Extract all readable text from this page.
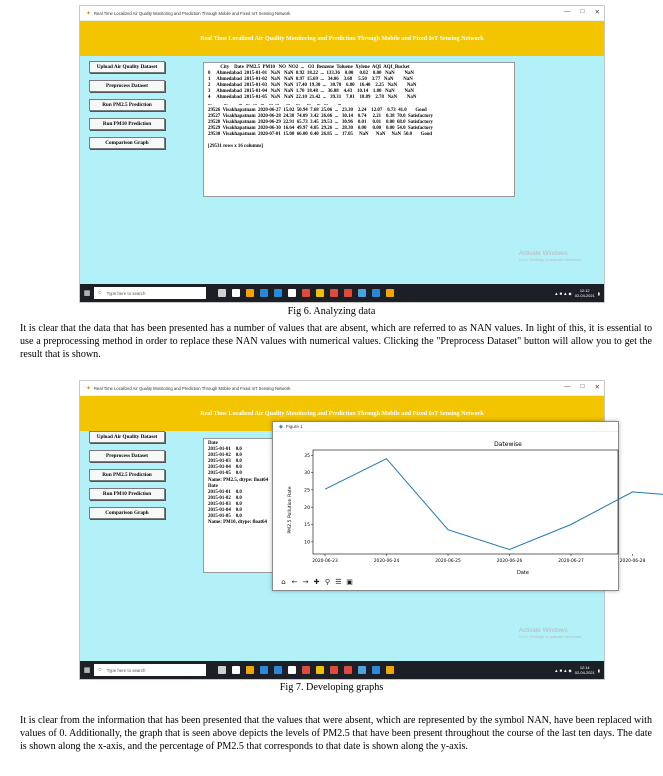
✦ Real Time Localized Air Quality Monitoring and Prediction Through Mobile and Fixed IoT Sensing Network	— □ ✕
Real Time Localized Air Quality Monitoring and Prediction Through Mobile and Fixed IoT Sensing Network
Upload Air Quality Dataset
Preprocess Dataset
Run PM2.5 Prediction
Run PM10 Prediction
Comparison Graph
City    Date  PM2.5  PM10   NO  NO2  ...   O3  Benzene  Toluene  Xylene  AQI  AQI_Bucket
0     Ahmedabad  2015-01-01   NaN   NaN  0.92  18.22  ...  133.36    0.00     0.02    0.00   NaN        NaN
1     Ahmedabad  2015-01-02   NaN   NaN  0.97  15.69  ...   34.06    3.68     5.50    3.77   NaN        NaN
2     Ahmedabad  2015-01-03   NaN   NaN  17.40  19.30  ...   30.70    6.80    16.40    2.25   NaN        NaN
3     Ahmedabad  2015-01-04   NaN   NaN  1.70  18.48  ...   36.08    4.43    10.14    1.00   NaN        NaN
4     Ahmedabad  2015-01-05   NaN   NaN  22.10  21.42  ...   39.31    7.01    18.89    2.78   NaN        NaN
...          ...         ...   ...   ...   ...    ...  ...      ...     ...      ...     ...   ...        ...
29526  Visakhapatnam  2020-06-27  15.02  50.94  7.68  25.06  ...   23.30    2.24    12.07    0.73  41.0       Good
29527  Visakhapatnam  2020-06-28  24.38  74.09  3.42  26.06  ...   30.14    0.74     2.21    0.38  70.0  Satisfactory
29528  Visakhapatnam  2020-06-29  22.91  65.73  3.45  29.53  ...   30.96    0.01     0.01    0.00  68.0  Satisfactory
29529  Visakhapatnam  2020-06-30  16.64  49.97  4.05  29.26  ...   28.30    0.00     0.00    0.00  54.0  Satisfactory
29530  Visakhapatnam  2020-07-01  15.00  66.00  0.40  26.85  ...   17.05     NaN      NaN     NaN  50.0       Good
[29531 rows x 16 columns]
Activate Windows
Go to Settings to activate Windows.
▦	○ Type here to search	▲ ■ ▲ ◆	12:12
02-04-2021 ▮
Fig 6. Analyzing data
It is clear that the data that has been presented has a number of values that are absent, which are referred to as NAN values. In light of this, it is essential to use a preprocessing method in order to replace these NAN values with numerical values. Clicking the "Preprocess Dataset" button will allow you to get the result that is shown.
✦ Real Time Localized Air Quality Monitoring and Prediction Through Mobile and Fixed IoT Sensing Network	— □ ✕
Real Time Localized Air Quality Monitoring and Prediction Through Mobile and Fixed IoT Sensing Network
Upload Air Quality Dataset
Preprocess Dataset
Run PM2.5 Prediction
Run PM10 Prediction
Comparison Graph
Date
2015-01-01    0.0
2015-01-02    0.0
2015-01-03    0.0
2015-01-04    0.0
2015-01-05    0.0
Name: PM2.5, dtype: float64
Date
2015-01-01    0.0
2015-01-02    0.0
2015-01-03    0.0
2015-01-04    0.0
2015-01-05    0.0
Name: PM10, dtype: float64
Activate Windows
Go to Settings to activate Windows.
▦	○ Type here to search	▲ ■ ▲ ◆	12:14
02-04-2021 ▮
◆ Figure 1
Datewise
10
15
20
25
30
35
2020-06-23	2020-06-24	2020-06-25	2020-06-26	2020-06-27	2020-06-28
Date
PM2.5 Pollution Rate
⌂ ← → ✚ ⚲ ☰ ▣
Fig 7. Developing graphs
It is clear from the information that has been presented that the values that were absent, which are represented by the symbol NAN, have been replaced with values of 0. Additionally, the graph that is seen above depicts the levels of PM2.5 that have been present throughout the course of the last ten days. The date is shown along the x-axis, and the percentage of PM2.5 that corresponds to that date is shown along the y-axis.
